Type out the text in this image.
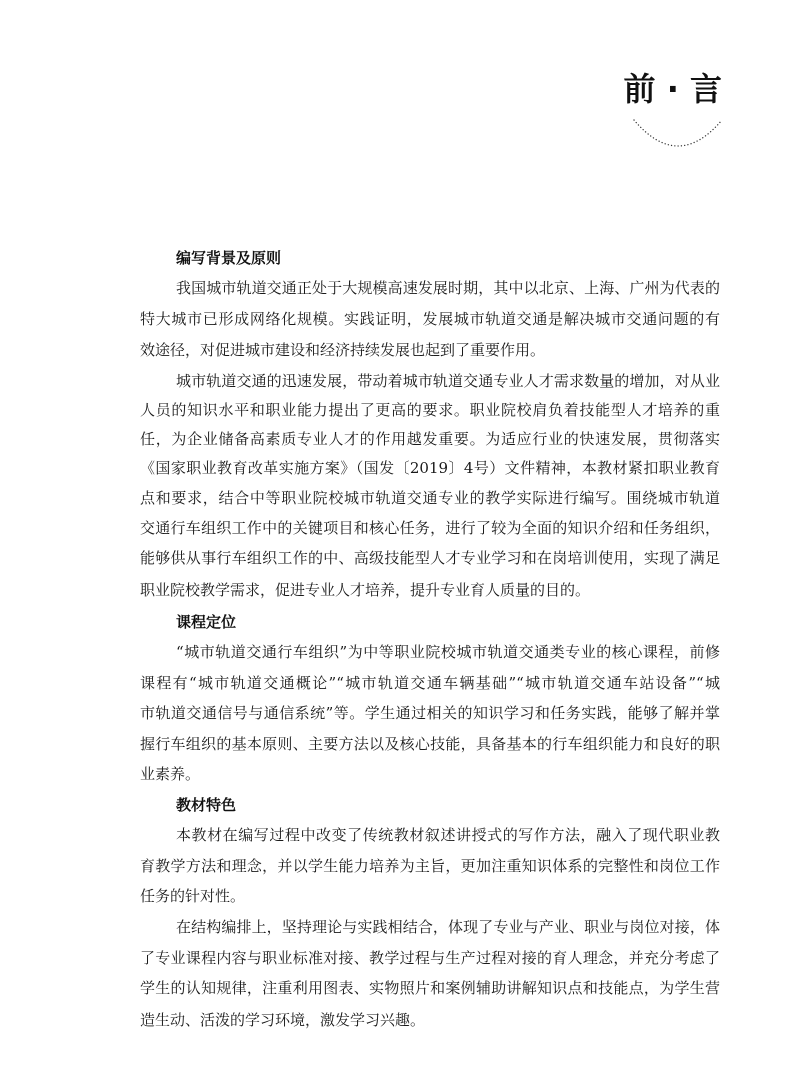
前 · 言
编写背景及原则
我国城市轨道交通正处于大规模高速发展时期，其中以北京、上海、广州为代表的
特大城市已形成网络化规模。实践证明，发展城市轨道交通是解决城市交通问题的有
效途径，对促进城市建设和经济持续发展也起到了重要作用。
城市轨道交通的迅速发展，带动着城市轨道交通专业人才需求数量的增加，对从业
人员的知识水平和职业能力提出了更高的要求。职业院校肩负着技能型人才培养的重
任，为企业储备高素质专业人才的作用越发重要。为适应行业的快速发展，贯彻落实
《国家职业教育改革实施方案》（国发〔2019〕4号）文件精神，本教材紧扣职业教育
点和要求，结合中等职业院校城市轨道交通专业的教学实际进行编写。围绕城市轨道
交通行车组织工作中的关键项目和核心任务，进行了较为全面的知识介绍和任务组织，
能够供从事行车组织工作的中、高级技能型人才专业学习和在岗培训使用，实现了满足
职业院校教学需求，促进专业人才培养，提升专业育人质量的目的。
课程定位
“城市轨道交通行车组织”为中等职业院校城市轨道交通类专业的核心课程，前修
课程有“城市轨道交通概论”“城市轨道交通车辆基础”“城市轨道交通车站设备”“城
市轨道交通信号与通信系统”等。学生通过相关的知识学习和任务实践，能够了解并掌
握行车组织的基本原则、主要方法以及核心技能，具备基本的行车组织能力和良好的职
业素养。
教材特色
本教材在编写过程中改变了传统教材叙述讲授式的写作方法，融入了现代职业教
育教学方法和理念，并以学生能力培养为主旨，更加注重知识体系的完整性和岗位工作
任务的针对性。
在结构编排上，坚持理论与实践相结合，体现了专业与产业、职业与岗位对接，体
了专业课程内容与职业标准对接、教学过程与生产过程对接的育人理念，并充分考虑了
学生的认知规律，注重利用图表、实物照片和案例辅助讲解知识点和技能点，为学生营
造生动、活泼的学习环境，激发学习兴趣。
